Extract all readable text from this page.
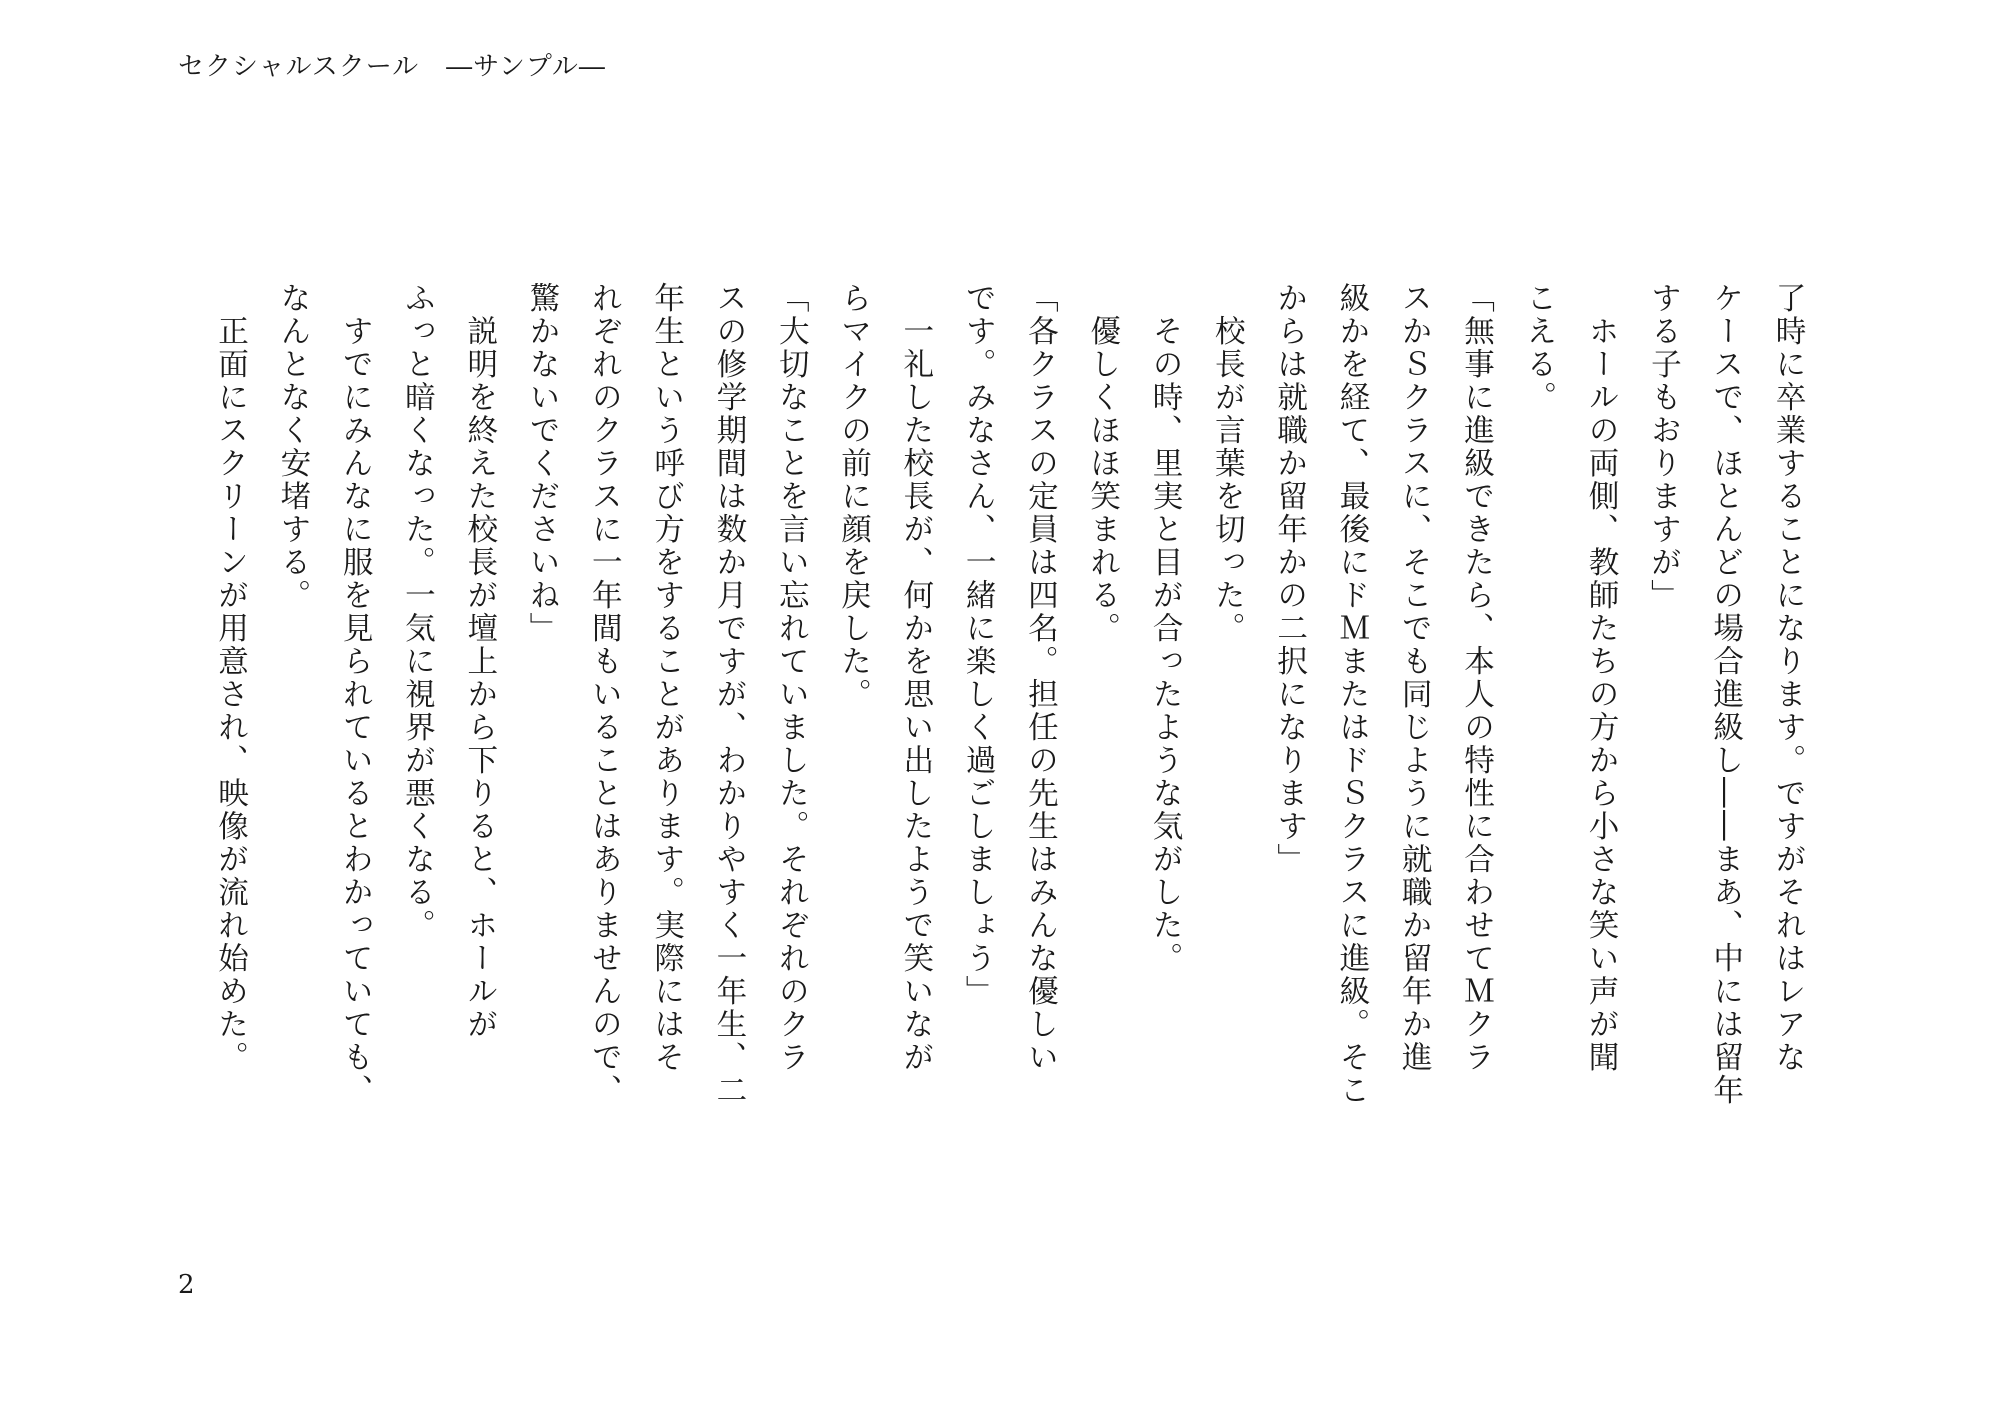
セクシャルスクール　―サンプル―
了時に卒業することになります。ですがそれはレアな
ケースで、ほとんどの場合進級し――まあ、中には留年
する子もおりますが」
　ホールの両側、教師たちの方から小さな笑い声が聞
こえる。
「無事に進級できたら、本人の特性に合わせてＭクラ
スかＳクラスに、そこでも同じように就職か留年か進
級かを経て、最後にドＭまたはドＳクラスに進級。そこ
からは就職か留年かの二択になります」
　校長が言葉を切った。
　その時、里実と目が合ったような気がした。
　優しくほほ笑まれる。
「各クラスの定員は四名。担任の先生はみんな優しい
です。みなさん、一緒に楽しく過ごしましょう」
　一礼した校長が、何かを思い出したようで笑いなが
らマイクの前に顔を戻した。
「大切なことを言い忘れていました。それぞれのクラ
スの修学期間は数か月ですが、わかりやすく一年生、二
年生という呼び方をすることがあります。実際にはそ
れぞれのクラスに一年間もいることはありませんので、
驚かないでくださいね」
　説明を終えた校長が壇上から下りると、ホールが
ふっと暗くなった。一気に視界が悪くなる。
　すでにみんなに服を見られているとわかっていても、
なんとなく安堵する。
　正面にスクリーンが用意され、映像が流れ始めた。
2
